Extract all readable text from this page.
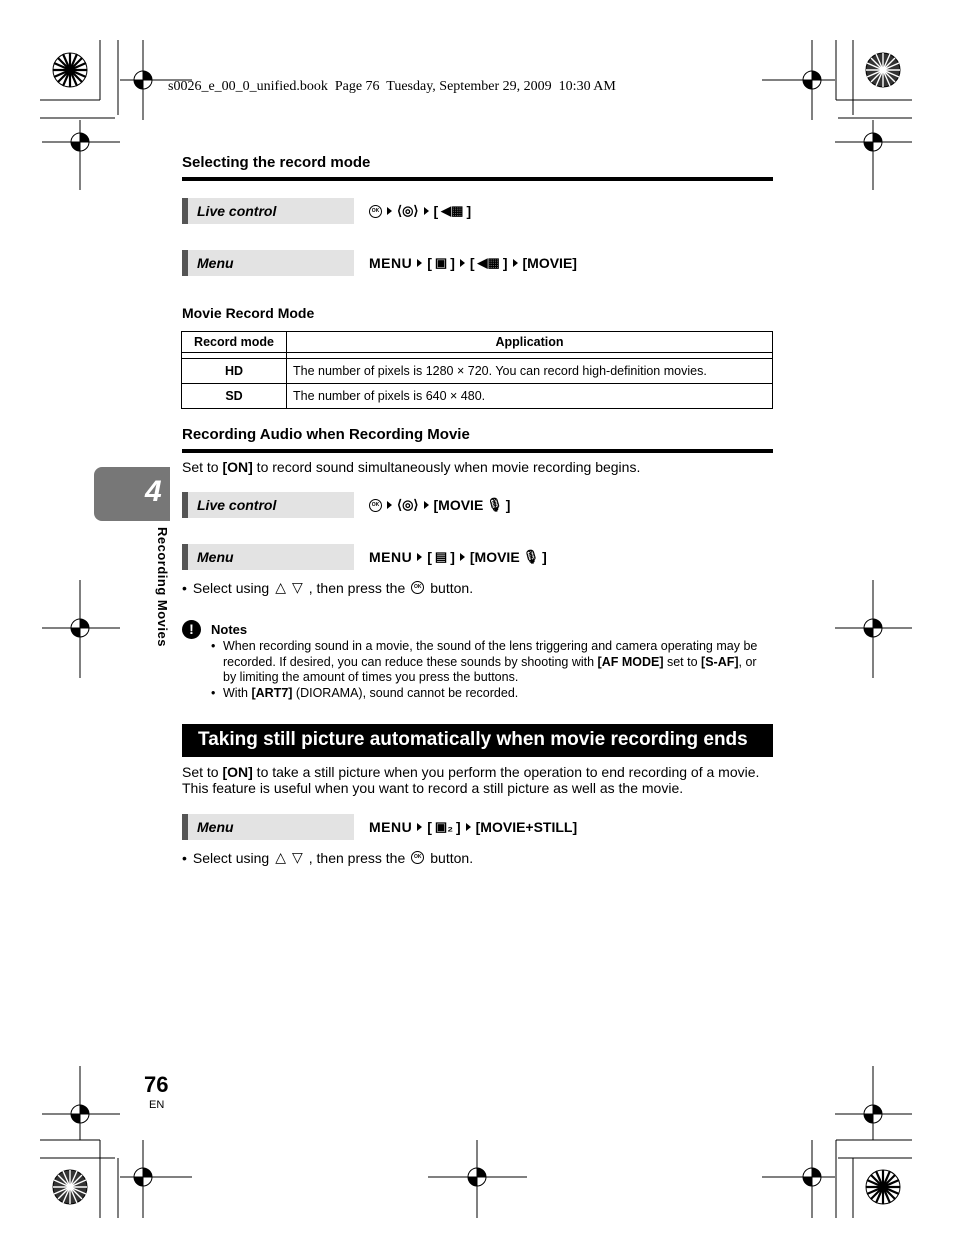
s0026_e_00_0_unified.book  Page 76  Tuesday, September 29, 2009  10:30 AM
Selecting the record mode
Live control	OK ⟨◎⟩ [ ◀▦ ]
Menu	MENU [ ▣ ] [ ◀▦ ] [MOVIE]
Movie Record Mode
Record mode	Application

HD	The number of pixels is 1280 × 720. You can record high-definition movies.
SD	The number of pixels is 640 × 480.
Recording Audio when Recording Movie
Set to [ON] to record sound simultaneously when movie recording begins.
Live control	OK ⟨◎⟩ [MOVIE 🎙 ]
Menu	MENU [ ▤ ] [MOVIE 🎙 ]
• Select using △ ▽ , then press the	OK button.
!	Notes
• When recording sound in a movie, the sound of the lens triggering and camera operating may be recorded. If desired, you can reduce these sounds by shooting with [AF MODE] set to [S-AF], or by limiting the amount of times you press the buttons.
• With [ART7] (DIORAMA), sound cannot be recorded.
Taking still picture automatically when movie recording ends
Set to [ON] to take a still picture when you perform the operation to end recording of a movie.
This feature is useful when you want to record a still picture as well as the movie.
Menu	MENU [ ▣₂ ] [MOVIE+STILL]
• Select using △ ▽ , then press the	OK button.
4
Recording Movies
76
EN
